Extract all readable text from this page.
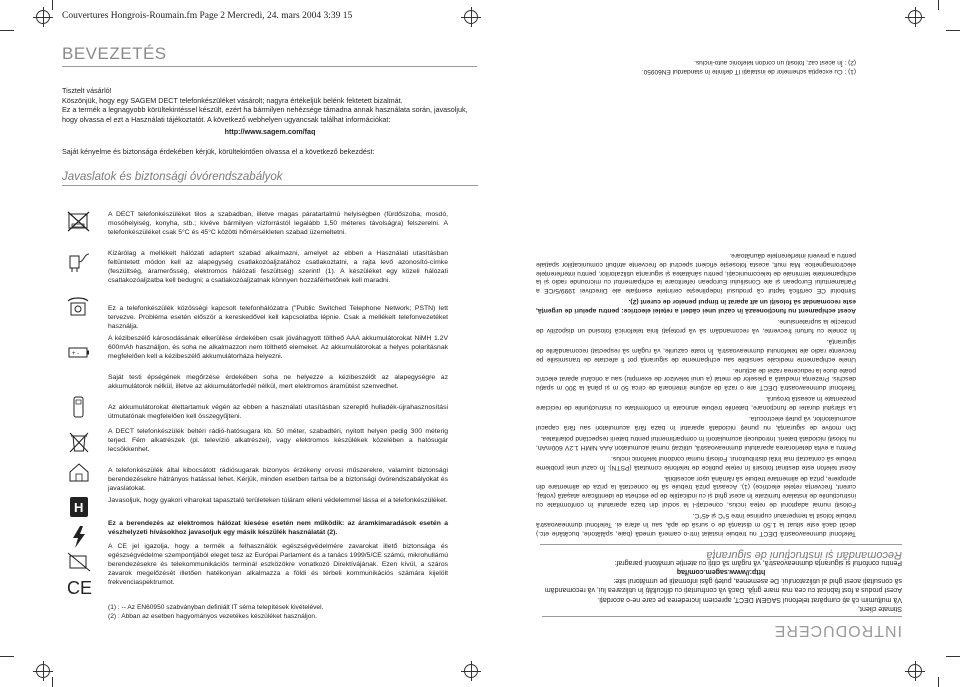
Couvertures Hongrois-Roumain.fm Page 2 Mercredi, 24. mars 2004 3:39 15
BEVEZETÉS

Tisztelt vásárló!

Köszönjük, hogy egy SAGEM DECT telefonkészüléket vásárolt; nagyra értékeljük belénk fektetett bizalmát.

Ez a termék a legnagyobb körültekintéssel készült, ezért ha bármilyen nehézsége támadna annak használata során, javasoljuk, hogy olvassa el ezt a Használati tájékoztatót. A következő webhelyen ugyancsak találhat információkat:

http://www.sagem.com/faq

Saját kényelme és biztonsága érdekében kérjük, körültekintően olvassa el a következő bekezdést:

Javaslatok és biztonsági óvórendszabályok

+ -
H
CE

A DECT telefonkészüléket tilos a szabadban, illetve magas páratartalmú helyiségben (fürdőszoba, mosdó, mosóhelyiség, konyha, stb.; kivéve bármilyen vízforrástól legalább 1,50 méteres távolságra) felszerelni. A telefonkészüléket csak 5°C és 45°C közötti hőmérsékleten szabad üzemeltetni.

Kizárólag a mellékelt hálózati adaptert szabad alkalmazni, amelyet az ebben a Használati utasításban feltüntetett módon kell az alapegység csatlakozóaljzatához csatlakoztatni, a rajta levő azonosító-címke (feszültség, áramerősség, elektromos hálózati feszültség) szerint! (1). A készüléket egy közeli hálózati csatlakozóaljzatba kell bedugni; a csatlakozóaljzatnak könnyen hozzáférhetőnek kell maradni.

Ez a telefonkészülék közösségi kapcsolt telefonhálózatra ("Public Switched Telephone Network; PSTN) lett tervezve. Probléma esetén először a kereskedővel kell kapcsolatba lépnie. Csak a mellékelt telefonvezetéket használja.

A kézibeszélő károsodásának elkerülése érdekében csak jóváhagyott töltheő AAA akkumulátorokat NiMH 1.2V 600mAh használjon, és soha ne alkalmazzon nem tölthető elemeket. Az akkumulátorokat a helyes polaritásnak megfelelően kell a kézibeszélő akkumulátorháza helyezni.

Saját testi épségének megőrzése érdekében soha ne helyezze a kézibeszélőt az alapegységre az akkumulátorok nélkül, illetve az akkumulátorfedél nélkül, mert elektromos áramütést szenvedhet.

Az akkumulátorokat élettartamuk végén az ebben a használati utasításban szereplő hulladék-újrahasznosítási útmutatónak megfelelően kell összegyűjteni.

A DECT telefonkészülék beltéri rádió-hatósugara kb. 50 méter, szabadtéri, nyitott helyen pedig 300 méterig terjed. Fém alkatrészek (pl. televízió alkatrészei), vagy elektromos készülékek közelében a hatósugár lecsökkenhet.

A telefonkészülék által kibocsátott rádiósugarak bizonyos érzékeny orvosi műszerekre, valamint biztonsági berendezésekre hátrányos hatással lehet. Kérjük, minden esetben tartsa be a biztonsági óvórendszabályokat és javaslatokat.

Javasoljuk, hogy gyakori viharokat tapasztaló területeken túláram elleni védelemmel lássa el a telefonkészüléket.

Ez a berendezés az elektromos hálózat kiesése esetén nem működik: az áramkimaradások esetén a vészhelyzeti hívásokhoz javasoljuk egy másik készülék használatát (2).

A CE jel igazolja, hogy a termék a felhasználók egészségvédelmére zavarokat illető biztonsága és egészségvédelme szempontjából eleget tesz az Európai Parlament és a tanács 1999/5/CE számú, mikrohullámú berendezésekre és telekommunikációs terminál eszközökre vonatkozó Direktívájának. Ezen kívül, a száros zavarok megelőzését illetően hatékonyan alkalmazza a földi és térbeli kommunikációs számára kijelölt frekvenciaspektrumot.

(1) : -- Az EN60950 szabványban definiált IT séma telepítések kivételével.
(2) : Abban az esetben hagyományos vezetékes készüléket használjon.
INTRODUCERE

Stimate client,

Vă mulțumim că ați cumpărat telefonul SAGEM DECT, apreciem încrederea pe care ne-o acordați.

Acest produs a fost fabricat cu cea mai mare grijă. Dacă vă confruntați cu dificultăți în utilizarea lui, vă recomandăm să consultați acest ghid al utilizatorului. De asemenea, puteți găsi informații pe următorul site:

http://www.sagem.com/faq

Pentru confortul și siguranța dumneavoastră, vă rugăm să citiți cu atenție următorul paragraf:

Recomandări și instrucțiuni de siguranță

Telefonul dumneavoastră DECT nu trebuie instalat într-o cameră umedă (baie, spălătorie, bucătărie etc.) decât dacă este situat la 1.50 m distanță de o sursă de apă, sau în afara ei. Telefonul dumneavoastră trebuie folosit la temperaturi cuprinse între 5°C și 45°C.

Folosiți numai adaptorul de rețea inclus, conectați-l la soclul din baza aparatului în conformitate cu instrucțiunile de instalare furnizate în acest ghid și cu indicațiile de pe eticheta de identificare atașată (voltaj, curent, frecvența rețelei electrice) (1). Această priză trebuie să fie conectată la priza de alimentare din apropiere, priza de alimentare trebuie să rămână ușor accesibilă.

Acest telefon este destinat folosirii în rețele publice de telefonie comutată (PSTN). În cazul unei probleme trebuie să contactați mai întâi distribuitorul. Folosiți numai cordonul telefonic inclus.

Pentru a evita deteriorarea aparatului dumneavoastră, utilizați numai acumulatori AAA NiMH 1.2V 600mAh, nu folosiți niciodată baterii. Introduceți acumulatorii în compartimentul pentru baterii respectând polaritatea.

Din motive de siguranță, nu puneți niciodată aparatul în baza fără acumulatori sau fără capacul acumulatorilor, vă puteți electrocuta.

La sfârșitul duratei de funcționare, bateriile trebuie aruncate în conformitate cu instrucțiunile de reciclare prezentate în această broșură.

Telefonul dumneavoastră DECT are o rază de acțiune interioară de circa 50 m și până la 300 m spațiu deschis. Prezența imediată a pieselor de metal (a unui televizor de exemplu) sau a oricărui aparat electric poate duce la reducerea razei de acțiune.

Unele echipamente medicale sensibile sau echipamente de siguranță pot fi afectate de transmisiile pe frecvențe radio ale telefonului dumneavoastră. În toate cazurile, vă rugăm să respectați recomandările de siguranță.

În zonele cu furtuni frecvente, vă recomandăm să vă protejați linia telefonică folosind un dispozitiv de protecție la supratensiune.

Acest echipament nu funcționează în cazul unei căderi a rețelei electrice: pentru apeluri de urgență, este recomandat să folosiți un alt aparat în timpul penelor de curent (2).

Simbolul CE certifică faptul că produsul îndeplinește cerințele esențiale ale Directivei 1999/5/CE a Parlamentului European și ale Consiliului European referitoare la echipamentul cu microunde radio și la echipamentele terminale de telecomunicații, pentru sănătatea și siguranța utilizatorilor, pentru interferențele electromagnetice. Mai mult, acesta folosește eficient spectrul de frecvențe atribuit comunicațiilor spațiale pentru a preveni interferențele dăunătoare.

(1) : Cu excepția schemelor de instalații IT definite în standardul EN60950.
(2) : În acest caz, folosiți un cordon telefonic auto-inclus.
